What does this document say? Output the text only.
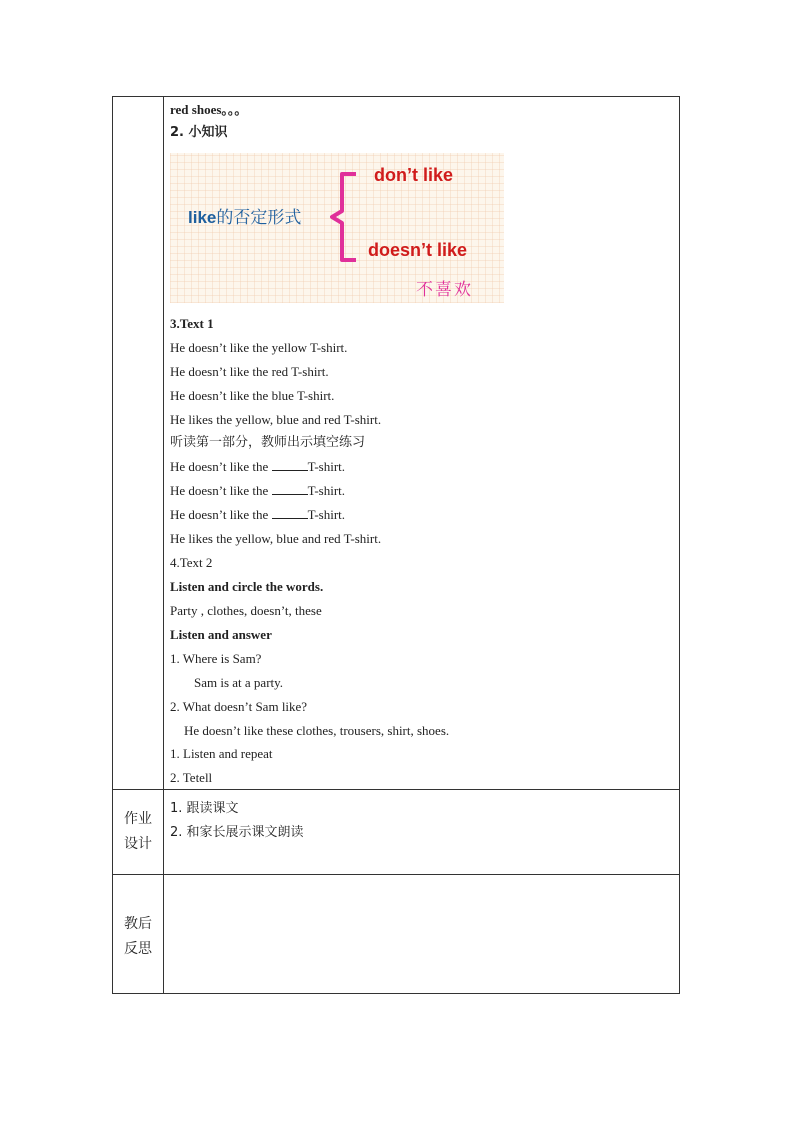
red shoes。。。
2. 小知识
like的否定形式
don’t like
doesn’t like
不喜欢
3.Text 1
He doesn’t like the yellow T-shirt.
He doesn’t like the red T-shirt.
He doesn’t like the blue T-shirt.
He likes the yellow, blue and red T-shirt.
听读第一部分，教师出示填空练习
He doesn’t like the	T-shirt.
He doesn’t like the	T-shirt.
He doesn’t like the	T-shirt.
He likes the yellow, blue and red T-shirt.
4.Text 2
Listen and circle the words.
Party , clothes, doesn’t, these
Listen and answer
1. Where is Sam?
Sam is at a party.
2. What doesn’t Sam like?
He doesn’t like these clothes, trousers, shirt, shoes.
1. Listen and repeat
2. Tetell
作业
设计
1. 跟读课文
2. 和家长展示课文朗读
教后
反思
